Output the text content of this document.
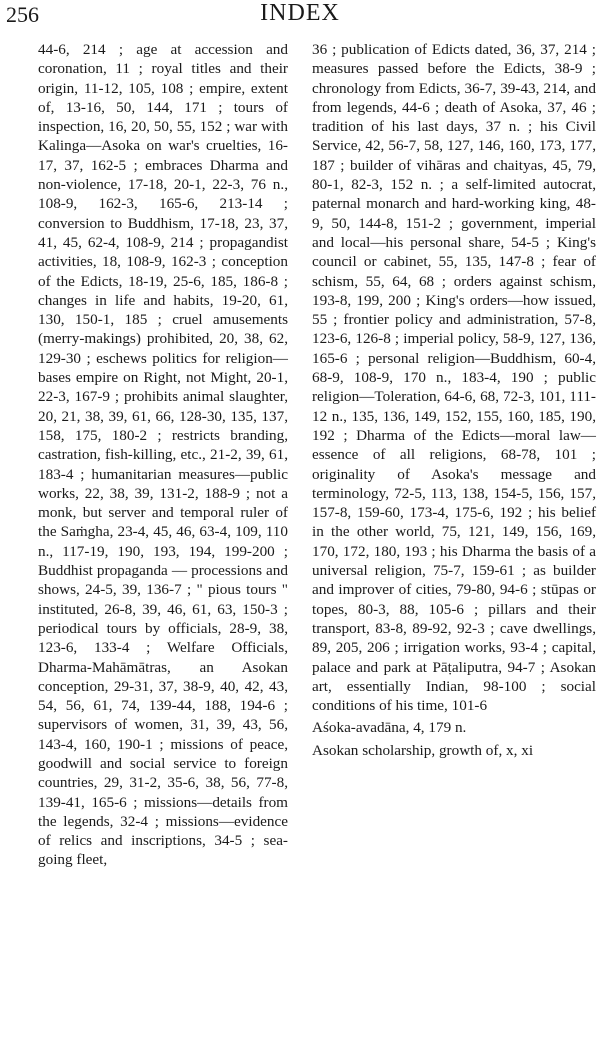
256	INDEX

44-6, 214 ; age at accession and coronation, 11 ; royal titles and their origin, 11-12, 105, 108 ; empire, extent of, 13-16, 50, 144, 171 ; tours of inspection, 16, 20, 50, 55, 152 ; war with Kalinga—Asoka on war's cruelties, 16-17, 37, 162-5 ; embraces Dharma and non-violence, 17-18, 20-1, 22-3, 76 n., 108-9, 162-3, 165-6, 213-14 ; conversion to Buddhism, 17-18, 23, 37, 41, 45, 62-4, 108-9, 214 ; propagandist activities, 18, 108-9, 162-3 ; conception of the Edicts, 18-19, 25-6, 185, 186-8 ; changes in life and habits, 19-20, 61, 130, 150-1, 185 ; cruel amusements (merry-makings) prohibited, 20, 38, 62, 129-30 ; eschews politics for religion—bases empire on Right, not Might, 20-1, 22-3, 167-9 ; prohibits animal slaughter, 20, 21, 38, 39, 61, 66, 128-30, 135, 137, 158, 175, 180-2 ; restricts branding, castration, fish-killing, etc., 21-2, 39, 61, 183-4 ; humanitarian measures—public works, 22, 38, 39, 131-2, 188-9 ; not a monk, but server and temporal ruler of the Saṁgha, 23-4, 45, 46, 63-4, 109, 110 n., 117-19, 190, 193, 194, 199-200 ; Buddhist propaganda — processions and shows, 24-5, 39, 136-7 ; " pious tours " instituted, 26-8, 39, 46, 61, 63, 150-3 ; periodical tours by officials, 28-9, 38, 123-6, 133-4 ; Welfare Officials, Dharma-Mahāmātras, an Asokan conception, 29-31, 37, 38-9, 40, 42, 43, 54, 56, 61, 74, 139-44, 188, 194-6 ; supervisors of women, 31, 39, 43, 56, 143-4, 160, 190-1 ; missions of peace, goodwill and social service to foreign countries, 29, 31-2, 35-6, 38, 56, 77-8, 139-41, 165-6 ; missions—details from the legends, 32-4 ; missions—evidence of relics and inscriptions, 34-5 ; sea-going fleet,

36 ; publication of Edicts dated, 36, 37, 214 ; measures passed before the Edicts, 38-9 ; chronology from Edicts, 36-7, 39-43, 214, and from legends, 44-6 ; death of Asoka, 37, 46 ; tradition of his last days, 37 n. ; his Civil Service, 42, 56-7, 58, 127, 146, 160, 173, 177, 187 ; builder of vihāras and chaityas, 45, 79, 80-1, 82-3, 152 n. ; a self-limited autocrat, paternal monarch and hard-working king, 48-9, 50, 144-8, 151-2 ; government, imperial and local—his personal share, 54-5 ; King's council or cabinet, 55, 135, 147-8 ; fear of schism, 55, 64, 68 ; orders against schism, 193-8, 199, 200 ; King's orders—how issued, 55 ; frontier policy and administration, 57-8, 123-6, 126-8 ; imperial policy, 58-9, 127, 136, 165-6 ; personal religion—Buddhism, 60-4, 68-9, 108-9, 170 n., 183-4, 190 ; public religion—Toleration, 64-6, 68, 72-3, 101, 111-12 n., 135, 136, 149, 152, 155, 160, 185, 190, 192 ; Dharma of the Edicts—moral law—essence of all religions, 68-78, 101 ; originality of Asoka's message and terminology, 72-5, 113, 138, 154-5, 156, 157, 157-8, 159-60, 173-4, 175-6, 192 ; his belief in the other world, 75, 121, 149, 156, 169, 170, 172, 180, 193 ; his Dharma the basis of a universal religion, 75-7, 159-61 ; as builder and improver of cities, 79-80, 94-6 ; stūpas or topes, 80-3, 88, 105-6 ; pillars and their transport, 83-8, 89-92, 92-3 ; cave dwellings, 89, 205, 206 ; irrigation works, 93-4 ; capital, palace and park at Pāṭaliputra, 94-7 ; Asokan art, essentially Indian, 98-100 ; social conditions of his time, 101-6

Aśoka-avadāna, 4, 179 n.

Asokan scholarship, growth of, x, xi
